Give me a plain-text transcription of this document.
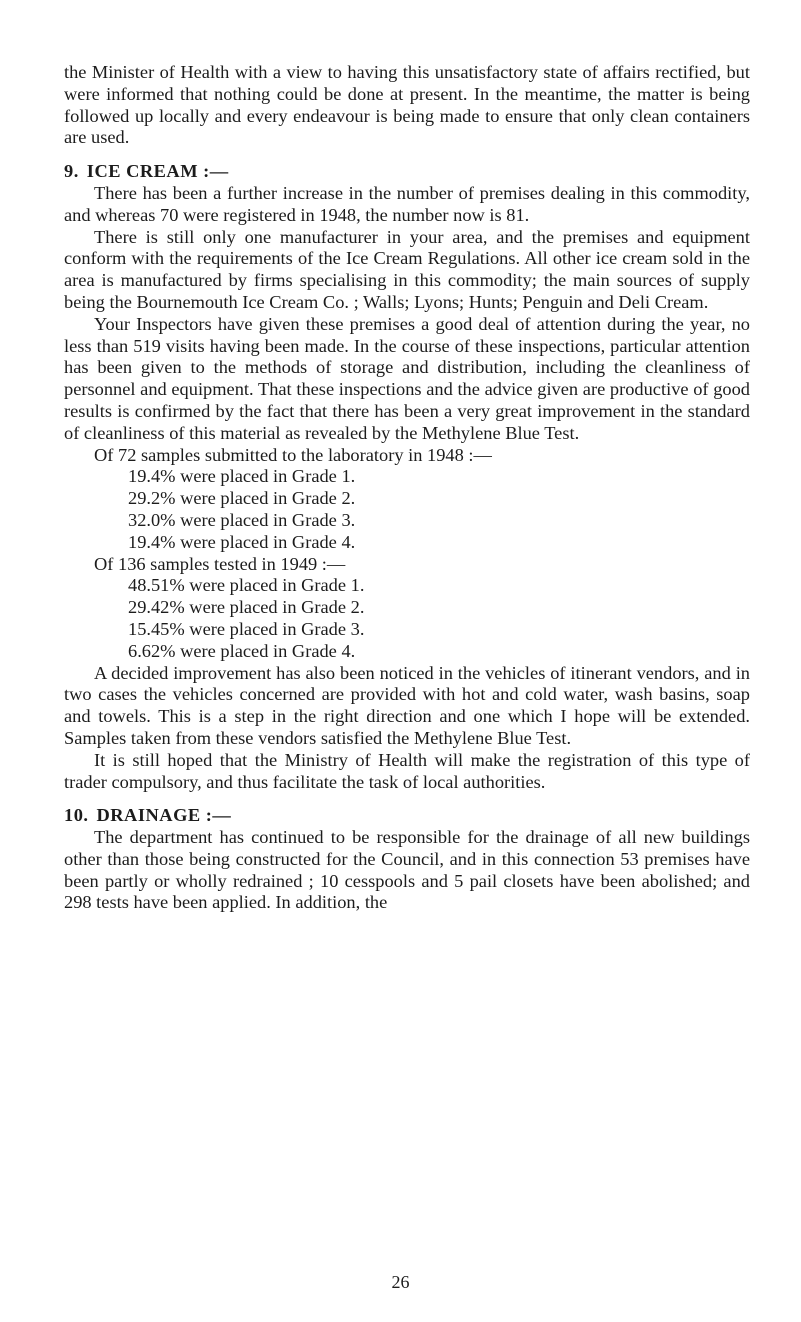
the Minister of Health with a view to having this unsatisfactory state of affairs rectified, but were informed that nothing could be done at present. In the meantime, the matter is being followed up locally and every endeavour is being made to ensure that only clean containers are used.

9. ICE CREAM :—

There has been a further increase in the number of premises dealing in this commodity, and whereas 70 were registered in 1948, the number now is 81.

There is still only one manufacturer in your area, and the premises and equipment conform with the requirements of the Ice Cream Regulations. All other ice cream sold in the area is manufactured by firms specialising in this commodity; the main sources of supply being the Bournemouth Ice Cream Co. ; Walls; Lyons; Hunts; Penguin and Deli Cream.

Your Inspectors have given these premises a good deal of attention during the year, no less than 519 visits having been made. In the course of these inspections, particular attention has been given to the methods of storage and distribution, including the cleanliness of personnel and equipment. That these inspections and the advice given are productive of good results is confirmed by the fact that there has been a very great improvement in the standard of cleanliness of this material as revealed by the Methylene Blue Test.

Of 72 samples submitted to the laboratory in 1948 :—

19.4% were placed in Grade 1.
29.2% were placed in Grade 2.
32.0% were placed in Grade 3.
19.4% were placed in Grade 4.

Of 136 samples tested in 1949 :—

48.51% were placed in Grade 1.
29.42% were placed in Grade 2.
15.45% were placed in Grade 3.
6.62% were placed in Grade 4.

A decided improvement has also been noticed in the vehicles of itinerant vendors, and in two cases the vehicles concerned are provided with hot and cold water, wash basins, soap and towels. This is a step in the right direction and one which I hope will be extended. Samples taken from these vendors satisfied the Methylene Blue Test.

It is still hoped that the Ministry of Health will make the registration of this type of trader compulsory, and thus facilitate the task of local authorities.

10. DRAINAGE :—

The department has continued to be responsible for the drainage of all new buildings other than those being constructed for the Council, and in this connection 53 premises have been partly or wholly redrained ; 10 cesspools and 5 pail closets have been abolished; and 298 tests have been applied. In addition, the

26
